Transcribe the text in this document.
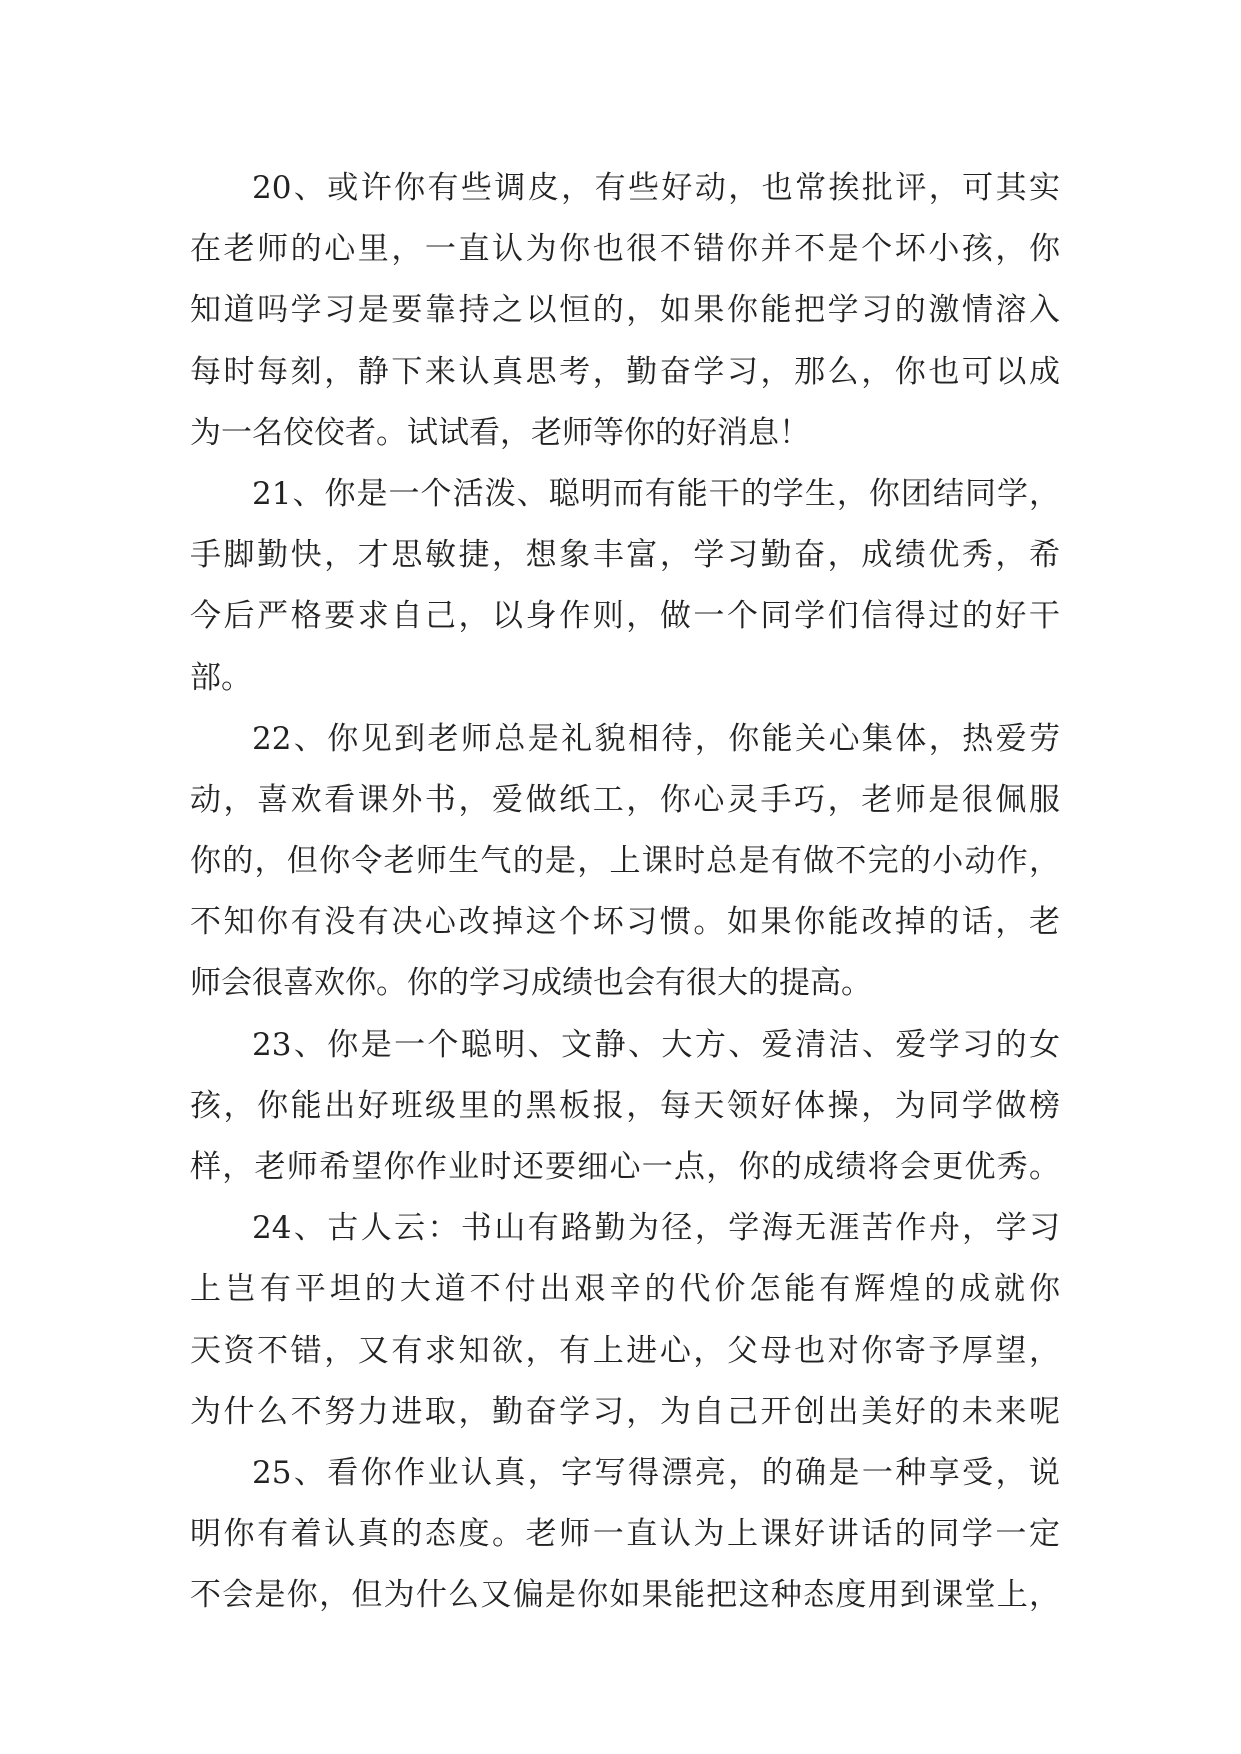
20、或许你有些调皮，有些好动，也常挨批评，可其实
在老师的心里，一直认为你也很不错你并不是个坏小孩，你
知道吗学习是要靠持之以恒的，如果你能把学习的激情溶入
每时每刻，静下来认真思考，勤奋学习，那么，你也可以成
为一名佼佼者。试试看，老师等你的好消息！
21、你是一个活泼、聪明而有能干的学生，你团结同学，
手脚勤快，才思敏捷，想象丰富，学习勤奋，成绩优秀，希
今后严格要求自己，以身作则，做一个同学们信得过的好干
部。
22、你见到老师总是礼貌相待，你能关心集体，热爱劳
动，喜欢看课外书，爱做纸工，你心灵手巧，老师是很佩服
你的，但你令老师生气的是，上课时总是有做不完的小动作，
不知你有没有决心改掉这个坏习惯。如果你能改掉的话，老
师会很喜欢你。你的学习成绩也会有很大的提高。
23、你是一个聪明、文静、大方、爱清洁、爱学习的女
孩，你能出好班级里的黑板报，每天领好体操，为同学做榜
样，老师希望你作业时还要细心一点，你的成绩将会更优秀。
24、古人云：书山有路勤为径，学海无涯苦作舟，学习
上岂有平坦的大道不付出艰辛的代价怎能有辉煌的成就你
天资不错，又有求知欲，有上进心，父母也对你寄予厚望，
为什么不努力进取，勤奋学习，为自己开创出美好的未来呢
25、看你作业认真，字写得漂亮，的确是一种享受，说
明你有着认真的态度。老师一直认为上课好讲话的同学一定
不会是你，但为什么又偏是你如果能把这种态度用到课堂上，
